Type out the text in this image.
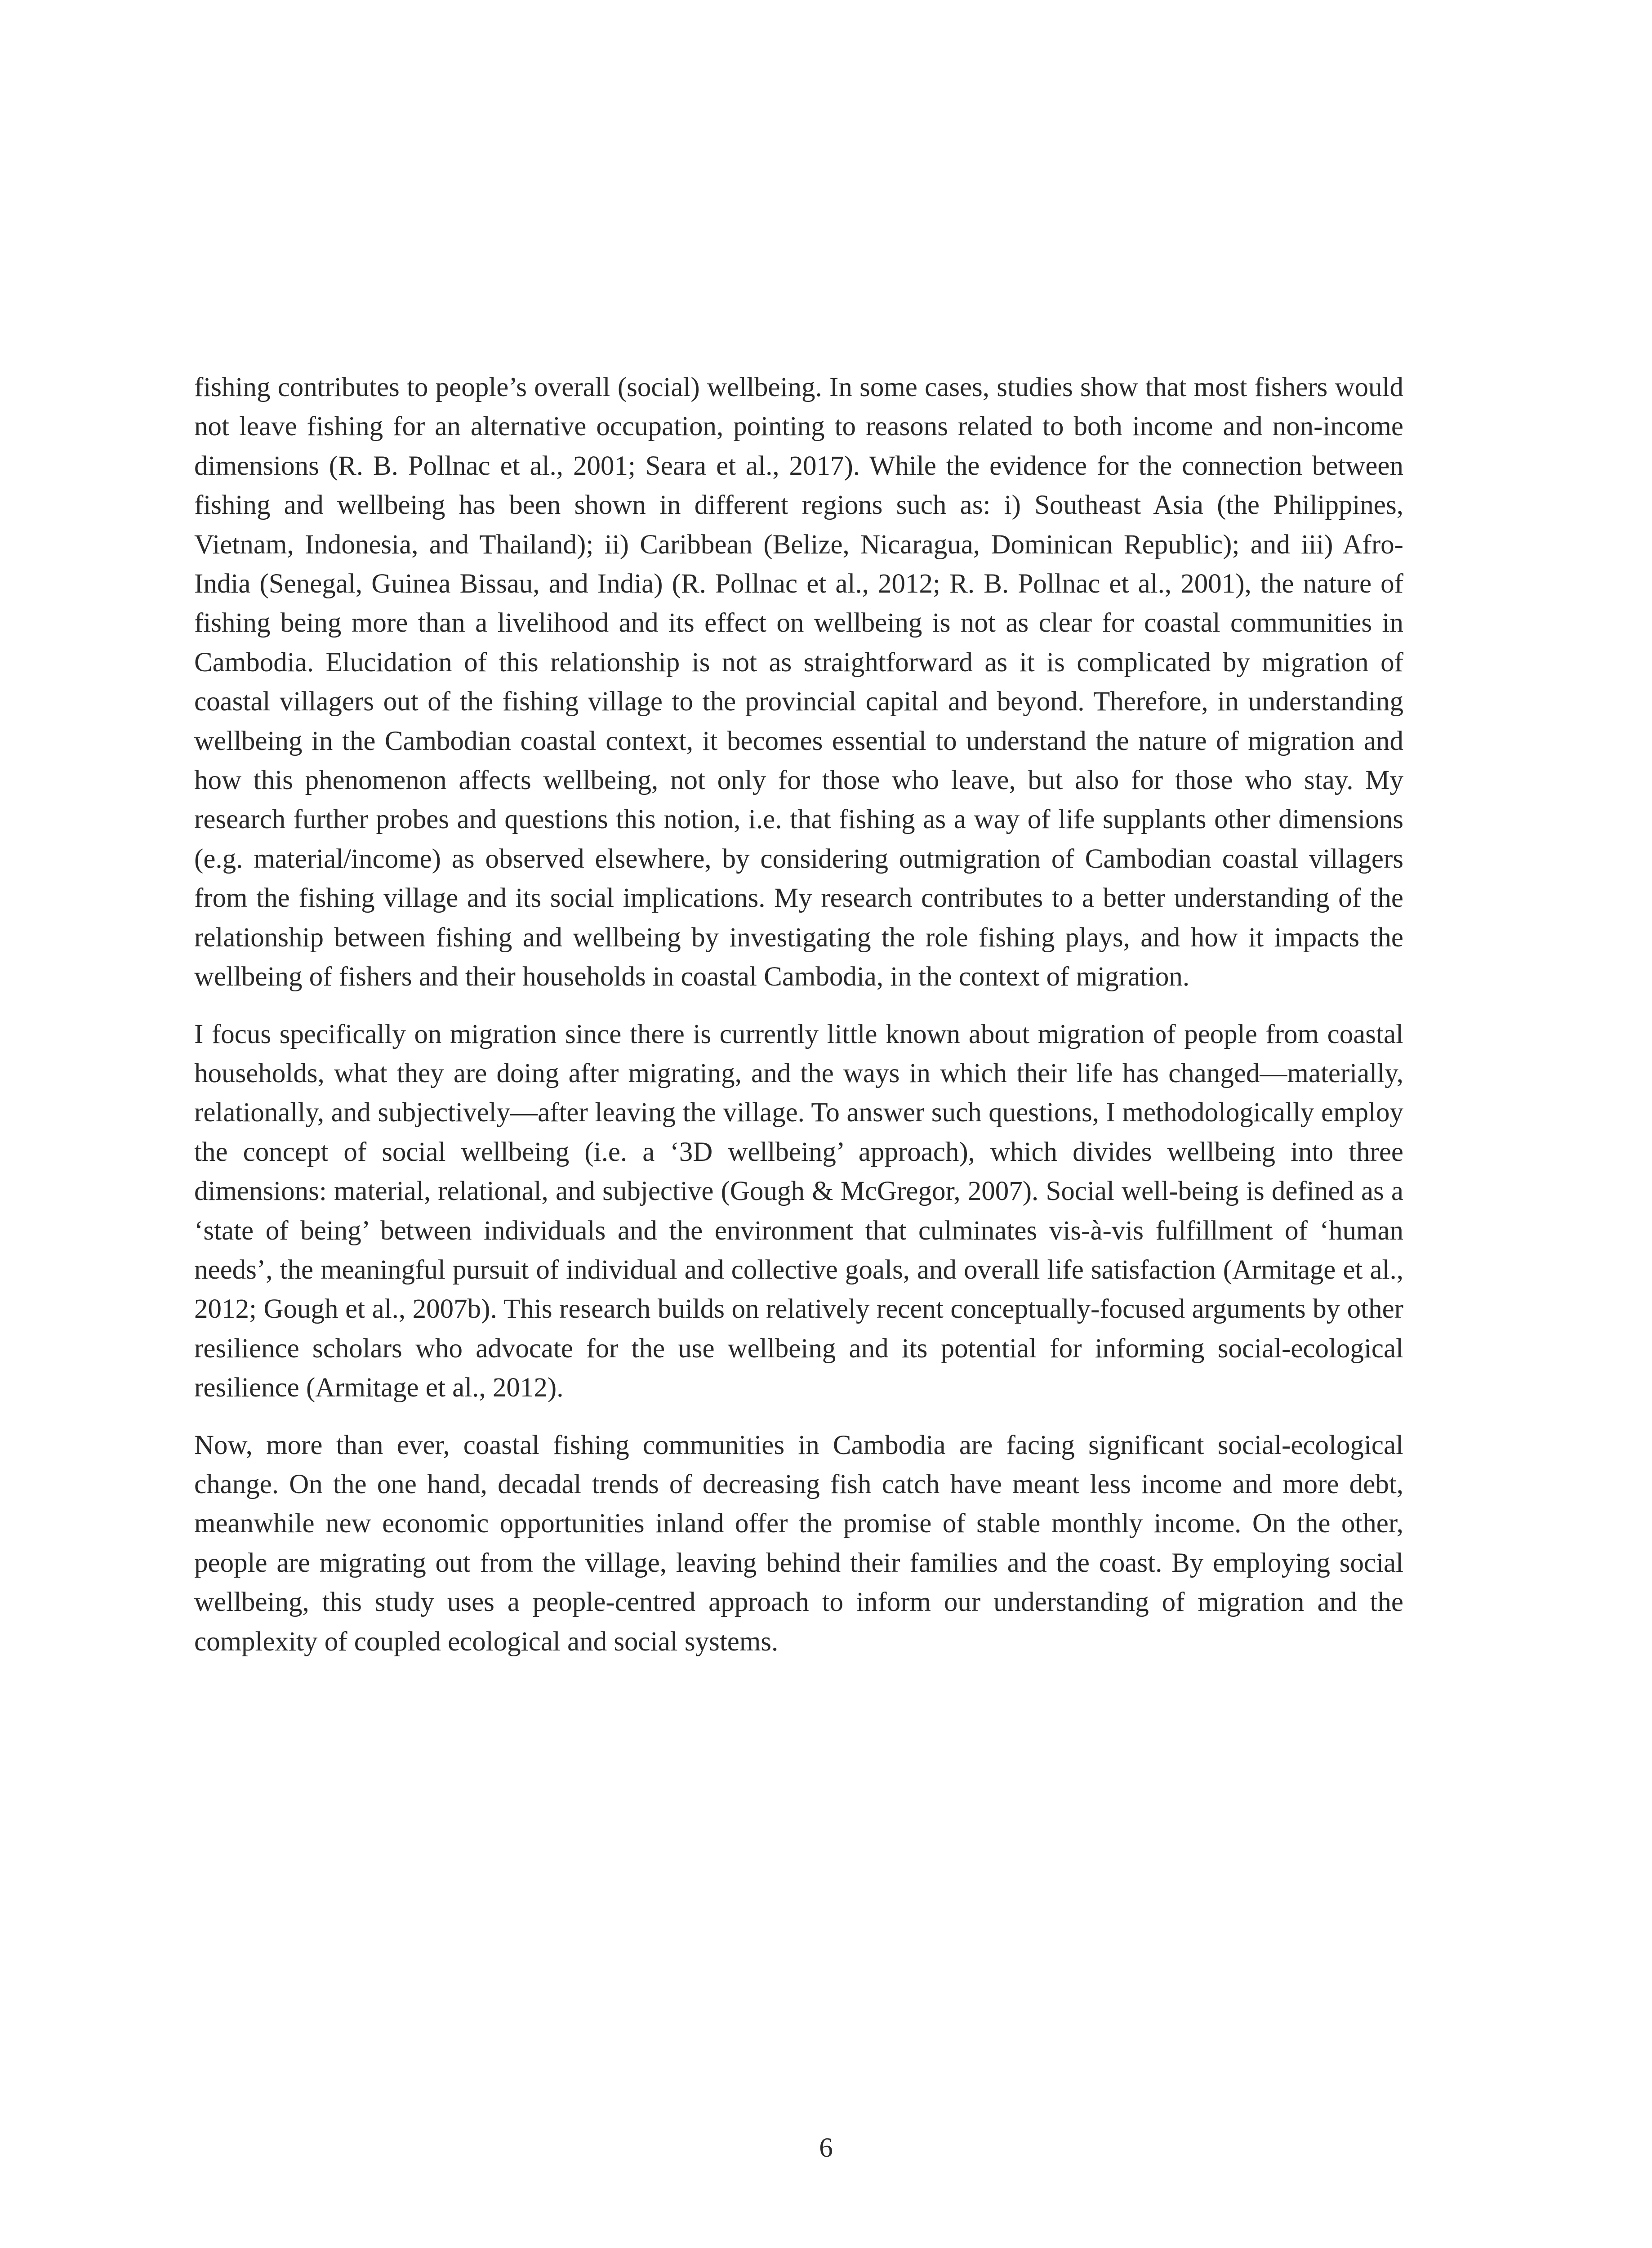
fishing contributes to people’s overall (social) wellbeing. In some cases, studies show that most fishers would not leave fishing for an alternative occupation, pointing to reasons related to both income and non-income dimensions (R. B. Pollnac et al., 2001; Seara et al., 2017). While the evidence for the connection between fishing and wellbeing has been shown in different regions such as: i) Southeast Asia (the Philippines, Vietnam, Indonesia, and Thailand); ii) Caribbean (Belize, Nicaragua, Dominican Republic); and iii) Afro-India (Senegal, Guinea Bissau, and India) (R. Pollnac et al., 2012; R. B. Pollnac et al., 2001), the nature of fishing being more than a livelihood and its effect on wellbeing is not as clear for coastal communities in Cambodia. Elucidation of this relationship is not as straightforward as it is complicated by migration of coastal villagers out of the fishing village to the provincial capital and beyond. Therefore, in understanding wellbeing in the Cambodian coastal context, it becomes essential to understand the nature of migration and how this phenomenon affects wellbeing, not only for those who leave, but also for those who stay. My research further probes and questions this notion, i.e. that fishing as a way of life supplants other dimensions (e.g. material/income) as observed elsewhere, by considering outmigration of Cambodian coastal villagers from the fishing village and its social implications. My research contributes to a better understanding of the relationship between fishing and wellbeing by investigating the role fishing plays, and how it impacts the wellbeing of fishers and their households in coastal Cambodia, in the context of migration.

I focus specifically on migration since there is currently little known about migration of people from coastal households, what they are doing after migrating, and the ways in which their life has changed—materially, relationally, and subjectively—after leaving the village. To answer such questions, I methodologically employ the concept of social wellbeing (i.e. a ‘3D wellbeing’ approach), which divides wellbeing into three dimensions: material, relational, and subjective (Gough & McGregor, 2007). Social well-being is defined as a ‘state of being’ between individuals and the environment that culminates vis-à-vis fulfillment of ‘human needs’, the meaningful pursuit of individual and collective goals, and overall life satisfaction (Armitage et al., 2012; Gough et al., 2007b). This research builds on relatively recent conceptually-focused arguments by other resilience scholars who advocate for the use wellbeing and its potential for informing social-ecological resilience (Armitage et al., 2012).

Now, more than ever, coastal fishing communities in Cambodia are facing significant social-ecological change. On the one hand, decadal trends of decreasing fish catch have meant less income and more debt, meanwhile new economic opportunities inland offer the promise of stable monthly income. On the other, people are migrating out from the village, leaving behind their families and the coast. By employing social wellbeing, this study uses a people-centred approach to inform our understanding of migration and the complexity of coupled ecological and social systems.

6
